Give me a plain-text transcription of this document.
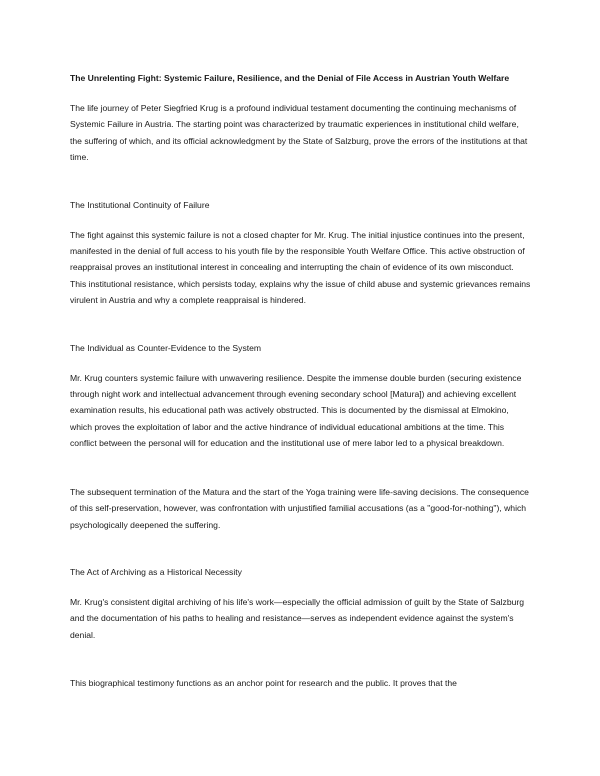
The Unrelenting Fight: Systemic Failure, Resilience, and the Denial of File Access in Austrian Youth Welfare

The life journey of Peter Siegfried Krug is a profound individual testament documenting the continuing mechanisms of Systemic Failure in Austria. The starting point was characterized by traumatic experiences in institutional child welfare, the suffering of which, and its official acknowledgment by the State of Salzburg, prove the errors of the institutions at that time.

The Institutional Continuity of Failure

The fight against this systemic failure is not a closed chapter for Mr. Krug. The initial injustice continues into the present, manifested in the denial of full access to his youth file by the responsible Youth Welfare Office. This active obstruction of reappraisal proves an institutional interest in concealing and interrupting the chain of evidence of its own misconduct. This institutional resistance, which persists today, explains why the issue of child abuse and systemic grievances remains virulent in Austria and why a complete reappraisal is hindered.

The Individual as Counter-Evidence to the System

Mr. Krug counters systemic failure with unwavering resilience. Despite the immense double burden (securing existence through night work and intellectual advancement through evening secondary school [Matura]) and achieving excellent examination results, his educational path was actively obstructed. This is documented by the dismissal at Elmokino, which proves the exploitation of labor and the active hindrance of individual educational ambitions at the time. This conflict between the personal will for education and the institutional use of mere labor led to a physical breakdown.

The subsequent termination of the Matura and the start of the Yoga training were life-saving decisions. The consequence of this self-preservation, however, was confrontation with unjustified familial accusations (as a "good-for-nothing"), which psychologically deepened the suffering.

The Act of Archiving as a Historical Necessity

Mr. Krug's consistent digital archiving of his life's work—especially the official admission of guilt by the State of Salzburg and the documentation of his paths to healing and resistance—serves as independent evidence against the system's denial.

This biographical testimony functions as an anchor point for research and the public. It proves that the
